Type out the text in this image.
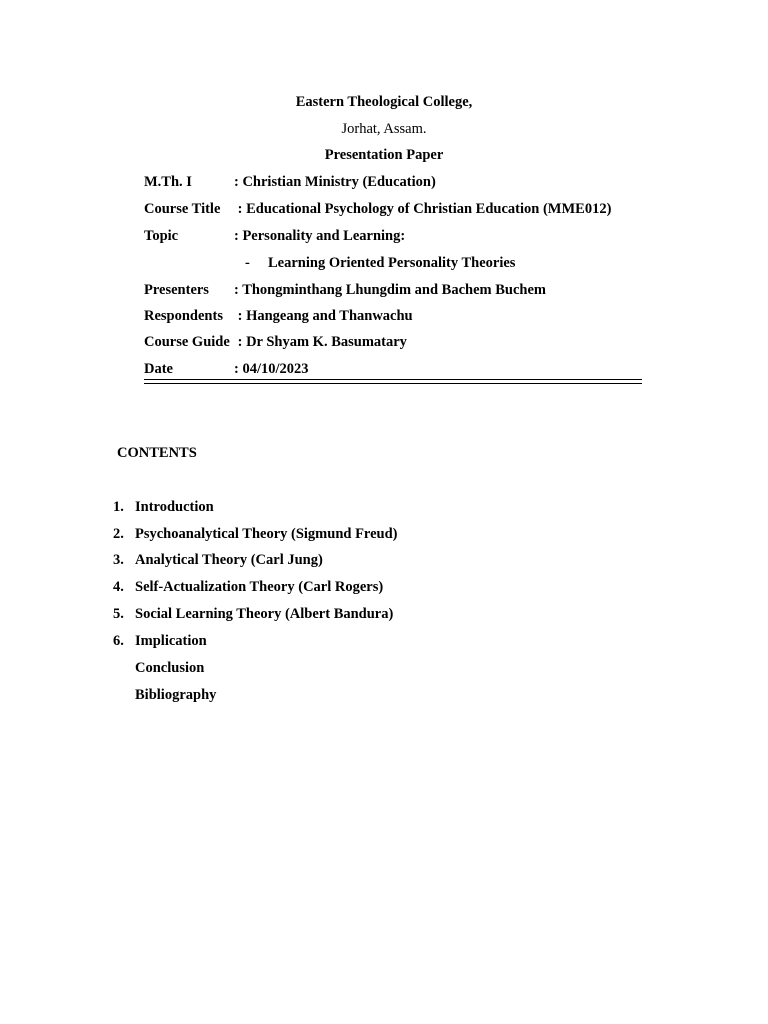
Eastern Theological College,
Jorhat, Assam.
Presentation Paper
M.Th. I	: Christian Ministry (Education)
Course Title : Educational Psychology of Christian Education (MME012)
Topic	: Personality and Learning:
- Learning Oriented Personality Theories
Presenters : Thongminthang Lhungdim and Bachem Buchem
Respondents : Hangeang and Thanwachu
Course Guide : Dr Shyam K. Basumatary
Date	: 04/10/2023
CONTENTS
1. Introduction
2. Psychoanalytical Theory (Sigmund Freud)
3. Analytical Theory (Carl Jung)
4. Self-Actualization Theory (Carl Rogers)
5. Social Learning Theory (Albert Bandura)
6. Implication
Conclusion
Bibliography
